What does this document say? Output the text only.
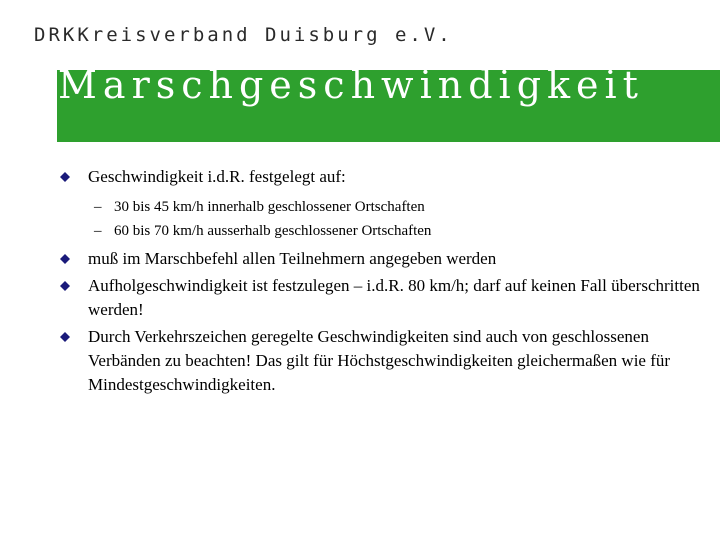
DRKKreisverband Duisburg e.V.
Marschgeschwindigkeit
Geschwindigkeit i.d.R. festgelegt auf:
– 30 bis 45 km/h innerhalb geschlossener Ortschaften
– 60 bis 70 km/h ausserhalb geschlossener Ortschaften
muß im Marschbefehl allen Teilnehmern angegeben werden
Aufholgeschwindigkeit ist festzulegen – i.d.R. 80 km/h; darf auf keinen Fall überschritten werden!
Durch Verkehrszeichen geregelte Geschwindigkeiten sind auch von geschlossenen Verbänden zu beachten! Das gilt für Höchstgeschwindigkeiten gleichermaßen wie für Mindestgeschwindigkeiten.
